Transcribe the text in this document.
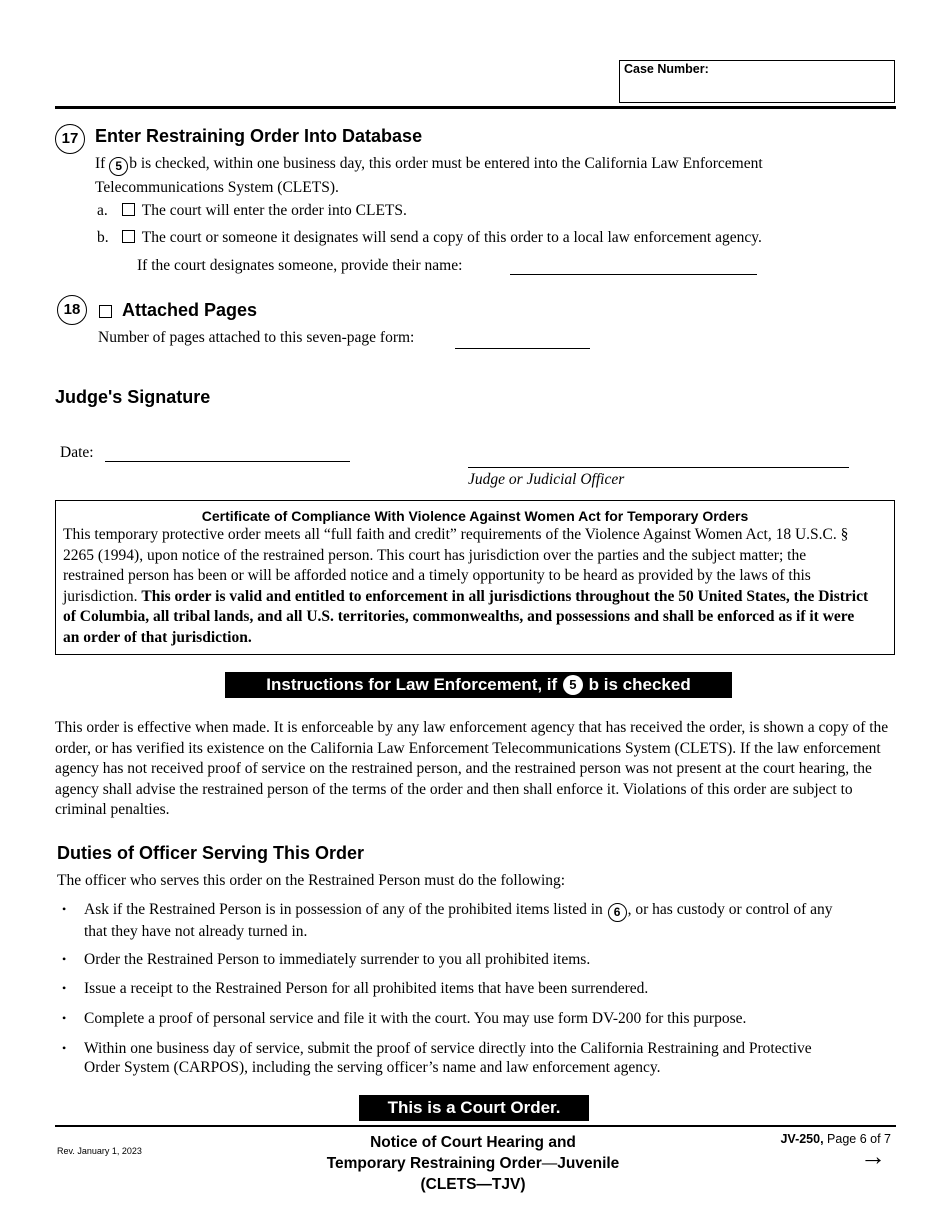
Case Number:
17 Enter Restraining Order Into Database
If 5 b is checked, within one business day, this order must be entered into the California Law Enforcement Telecommunications System (CLETS).
a. The court will enter the order into CLETS.
b. The court or someone it designates will send a copy of this order to a local law enforcement agency.
If the court designates someone, provide their name:
18	Attached Pages
Number of pages attached to this seven-page form:
Judge's Signature
Date:
Judge or Judicial Officer
Certificate of Compliance With Violence Against Women Act for Temporary Orders
This temporary protective order meets all “full faith and credit” requirements of the Violence Against Women Act, 18 U.S.C. § 2265 (1994), upon notice of the restrained person. This court has jurisdiction over the parties and the subject matter; the restrained person has been or will be afforded notice and a timely opportunity to be heard as provided by the laws of this jurisdiction. This order is valid and entitled to enforcement in all jurisdictions throughout the 50 United States, the District of Columbia, all tribal lands, and all U.S. territories, commonwealths, and possessions and shall be enforced as if it were an order of that jurisdiction.
Instructions for Law Enforcement, if 5 b is checked
This order is effective when made. It is enforceable by any law enforcement agency that has received the order, is shown a copy of the order, or has verified its existence on the California Law Enforcement Telecommunications System (CLETS). If the law enforcement agency has not received proof of service on the restrained person, and the restrained person was not present at the court hearing, the agency shall advise the restrained person of the terms of the order and then shall enforce it. Violations of this order are subject to criminal penalties.
Duties of Officer Serving This Order
The officer who serves this order on the Restrained Person must do the following:
• Ask if the Restrained Person is in possession of any of the prohibited items listed in 6 , or has custody or control of any that they have not already turned in.
• Order the Restrained Person to immediately surrender to you all prohibited items.
• Issue a receipt to the Restrained Person for all prohibited items that have been surrendered.
• Complete a proof of personal service and file it with the court. You may use form DV-200 for this purpose.
• Within one business day of service, submit the proof of service directly into the California Restraining and Protective Order System (CARPOS), including the serving officer’s name and law enforcement agency.
This is a Court Order.
Rev. January 1, 2023	Notice of Court Hearing and
Temporary Restraining Order—Juvenile
(CLETS—TJV)
JV-250, Page 6 of 7
→
